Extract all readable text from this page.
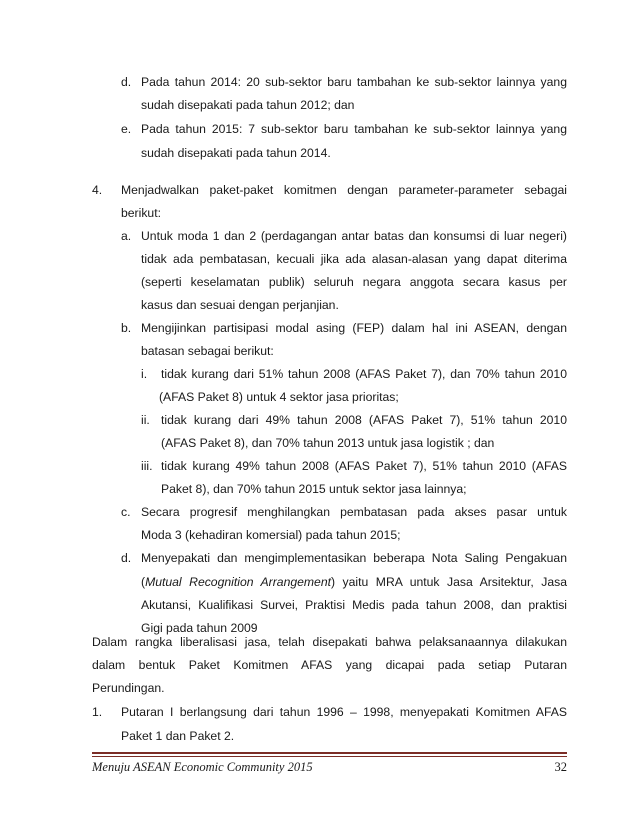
d. Pada tahun 2014: 20 sub-sektor baru tambahan ke sub-sektor lainnya yang
sudah disepakati pada tahun 2012; dan
e. Pada tahun 2015: 7 sub-sektor baru tambahan ke sub-sektor lainnya yang
sudah disepakati pada tahun 2014.
4. Menjadwalkan paket-paket komitmen dengan parameter-parameter sebagai
berikut:
a. Untuk moda 1 dan 2 (perdagangan antar batas dan konsumsi di luar negeri)
tidak ada pembatasan, kecuali jika ada alasan-alasan yang dapat diterima
(seperti keselamatan publik) seluruh negara anggota secara kasus per
kasus dan sesuai dengan perjanjian.
b. Mengijinkan partisipasi modal asing (FEP) dalam hal ini ASEAN, dengan
batasan sebagai berikut:
i. tidak kurang dari 51% tahun 2008 (AFAS Paket 7), dan 70% tahun 2010
(AFAS Paket 8) untuk 4 sektor jasa prioritas;
ii. tidak kurang dari 49% tahun 2008 (AFAS Paket 7), 51% tahun 2010
(AFAS Paket 8), dan 70% tahun 2013 untuk jasa logistik ; dan
iii. tidak kurang 49% tahun 2008 (AFAS Paket 7), 51% tahun 2010 (AFAS
Paket 8), dan 70% tahun 2015 untuk sektor jasa lainnya;
c. Secara progresif menghilangkan pembatasan pada akses pasar untuk
Moda 3 (kehadiran komersial) pada tahun 2015;
d. Menyepakati dan mengimplementasikan beberapa Nota Saling Pengakuan
(Mutual Recognition Arrangement) yaitu MRA untuk Jasa Arsitektur, Jasa
Akutansi, Kualifikasi Survei, Praktisi Medis pada tahun 2008, dan praktisi
Gigi pada tahun 2009
Dalam rangka liberalisasi jasa, telah disepakati bahwa pelaksanaannya dilakukan
dalam bentuk Paket Komitmen AFAS yang dicapai pada setiap Putaran
Perundingan.
1. Putaran I berlangsung dari tahun 1996 – 1998, menyepakati Komitmen AFAS
Menuju ASEAN Economic Community 2015	32
Paket 1 dan Paket 2.
